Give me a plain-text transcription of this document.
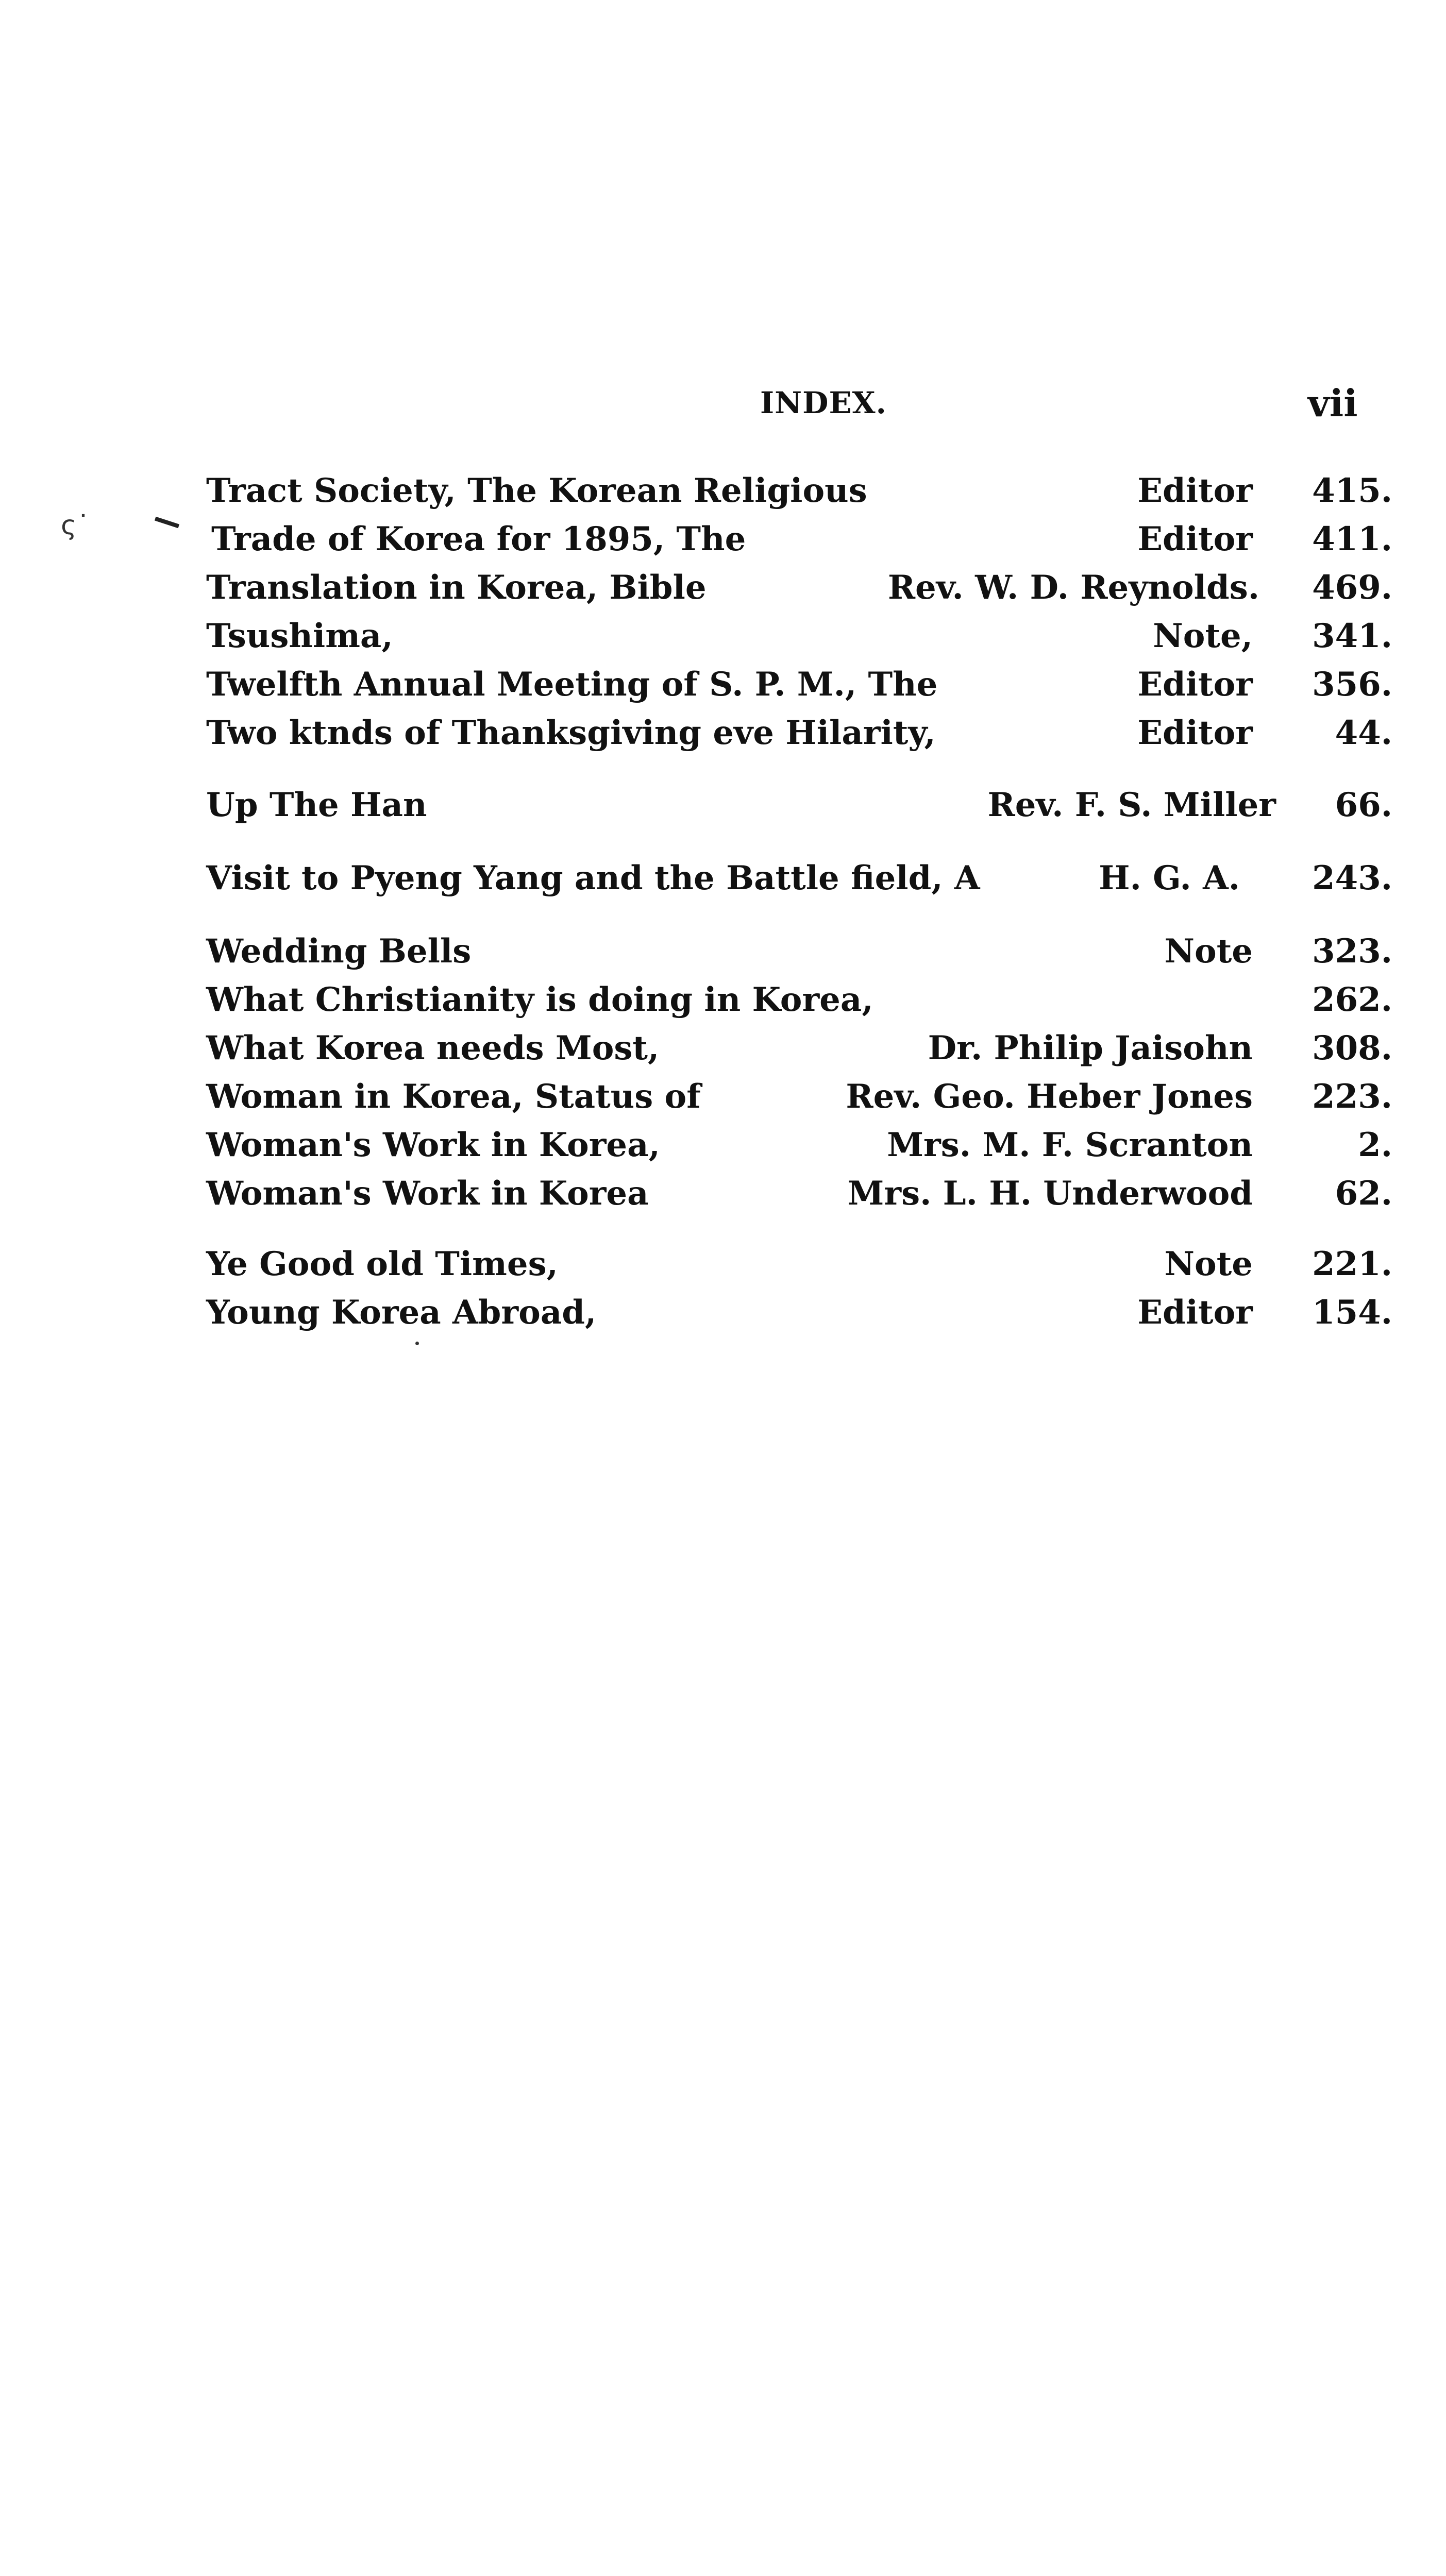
INDEX.	vii
ς˙
Tract Society, The Korean Religious	Editor 415.
Trade of Korea for 1895, The	Editor 411.
Translation in Korea, Bible	Rev. W. D. Reynolds. 469.
Tsushima,	Note, 341.
Twelfth Annual Meeting of S. P. M., The	Editor 356.
Two ktnds of Thanksgiving eve Hilarity,	Editor 44.
Up The Han	Rev. F. S. Miller 66.
Visit to Pyeng Yang and the Battle field, A	H. G. A. 243.
Wedding Bells	Note 323.
What Christianity is doing in Korea,	262.
What Korea needs Most,	Dr. Philip Jaisohn 308.
Woman in Korea, Status of	Rev. Geo. Heber Jones 223.
Woman's Work in Korea,	Mrs. M. F. Scranton	2.
Woman's Work in Korea	Mrs. L. H. Underwood 62.
Ye Good old Times,	Note 221.
Young Korea Abroad,	Editor 154.
